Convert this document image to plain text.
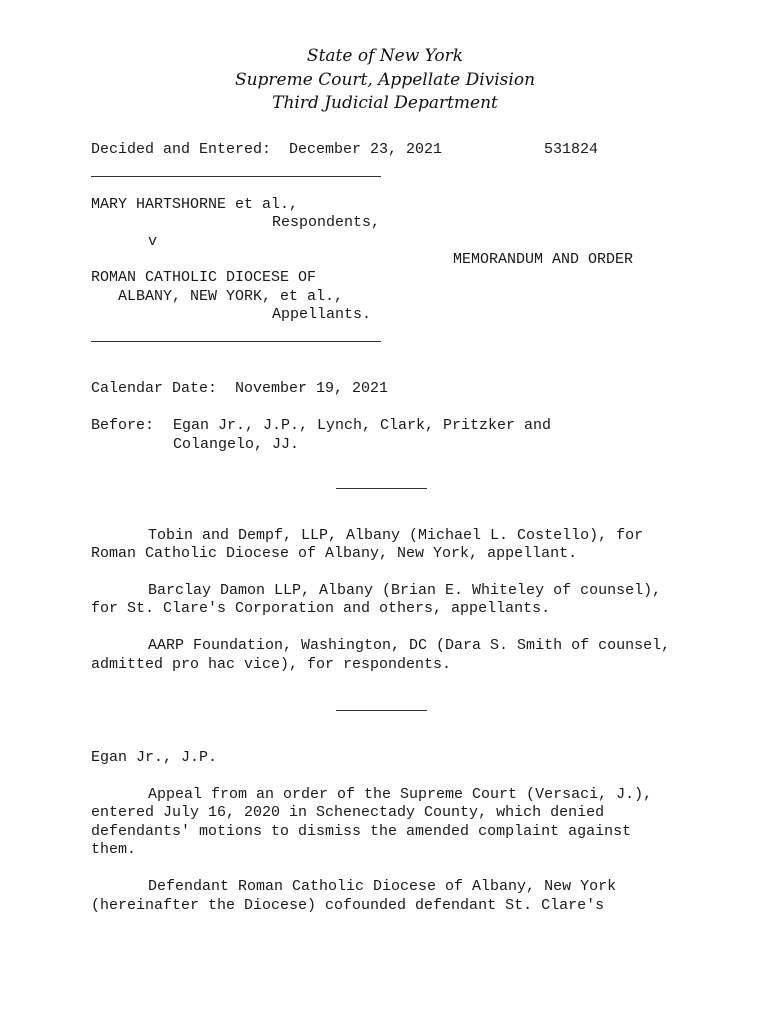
State of New York
Supreme Court, Appellate Division
Third Judicial Department
Decided and Entered:  December 23, 2021	531824
MARY HARTSHORNE et al.,
Respondents,
v
MEMORANDUM AND ORDER
ROMAN CATHOLIC DIOCESE OF
ALBANY, NEW YORK, et al.,
Appellants.
Calendar Date:  November 19, 2021
Before: Egan Jr., J.P., Lynch, Clark, Pritzker and
Colangelo, JJ.
Tobin and Dempf, LLP, Albany (Michael L. Costello), for
Roman Catholic Diocese of Albany, New York, appellant.
Barclay Damon LLP, Albany (Brian E. Whiteley of counsel),
for St. Clare's Corporation and others, appellants.
AARP Foundation, Washington, DC (Dara S. Smith of counsel,
admitted pro hac vice), for respondents.
Egan Jr., J.P.
Appeal from an order of the Supreme Court (Versaci, J.),
entered July 16, 2020 in Schenectady County, which denied
defendants' motions to dismiss the amended complaint against
them.
Defendant Roman Catholic Diocese of Albany, New York
(hereinafter the Diocese) cofounded defendant St. Clare's
